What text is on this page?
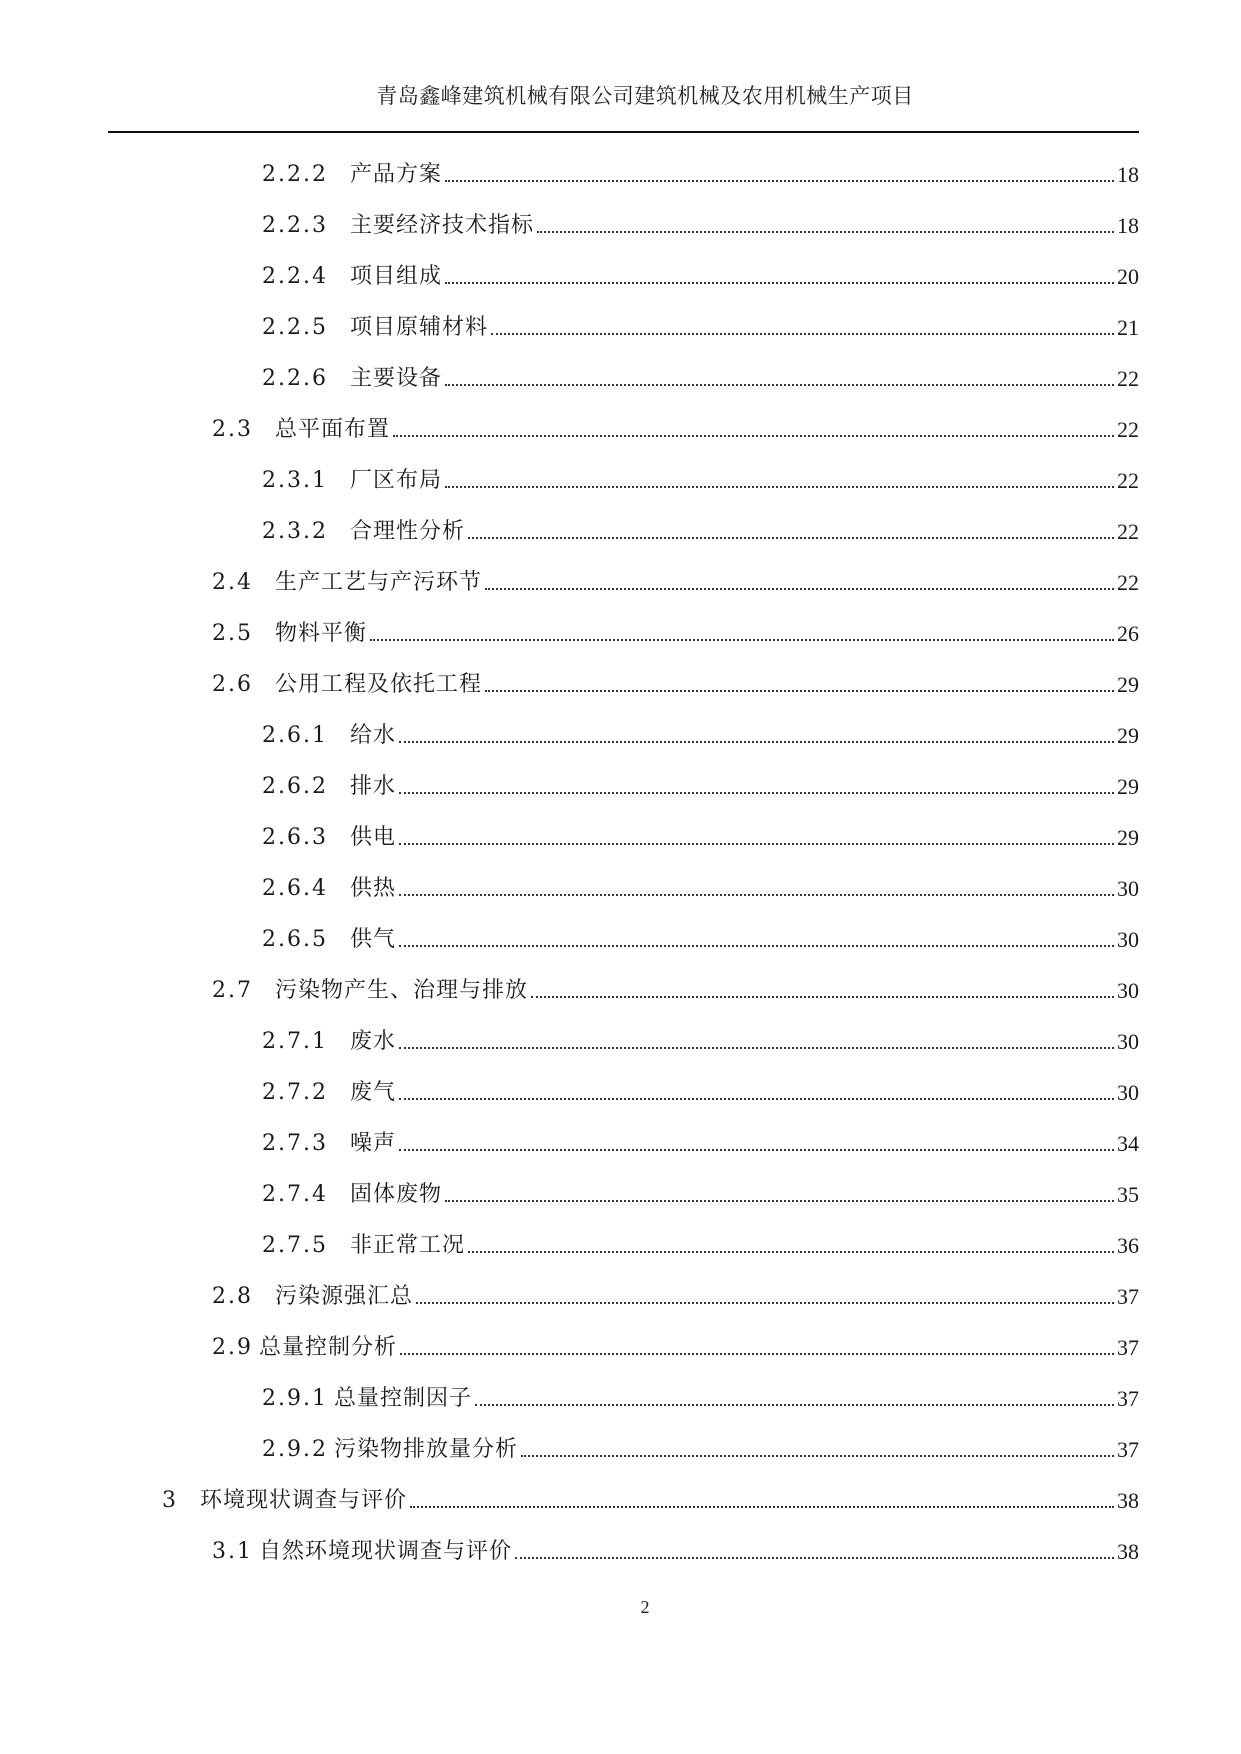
青岛鑫峰建筑机械有限公司建筑机械及农用机械生产项目
2.2.2 产品方案	18
2.2.3 主要经济技术指标	18
2.2.4 项目组成	20
2.2.5 项目原辅材料	21
2.2.6 主要设备	22
2.3 总平面布置	22
2.3.1 厂区布局	22
2.3.2 合理性分析	22
2.4 生产工艺与产污环节	22
2.5 物料平衡	26
2.6 公用工程及依托工程	29
2.6.1 给水	29
2.6.2 排水	29
2.6.3 供电	29
2.6.4 供热	30
2.6.5 供气	30
2.7 污染物产生、治理与排放	30
2.7.1 废水	30
2.7.2 废气	30
2.7.3 噪声	34
2.7.4 固体废物	35
2.7.5 非正常工况	36
2.8 污染源强汇总	37
2.9 总量控制分析	37
2.9.1 总量控制因子	37
2.9.2 污染物排放量分析	37
3 环境现状调查与评价	38
3.1 自然环境现状调查与评价	38
2
